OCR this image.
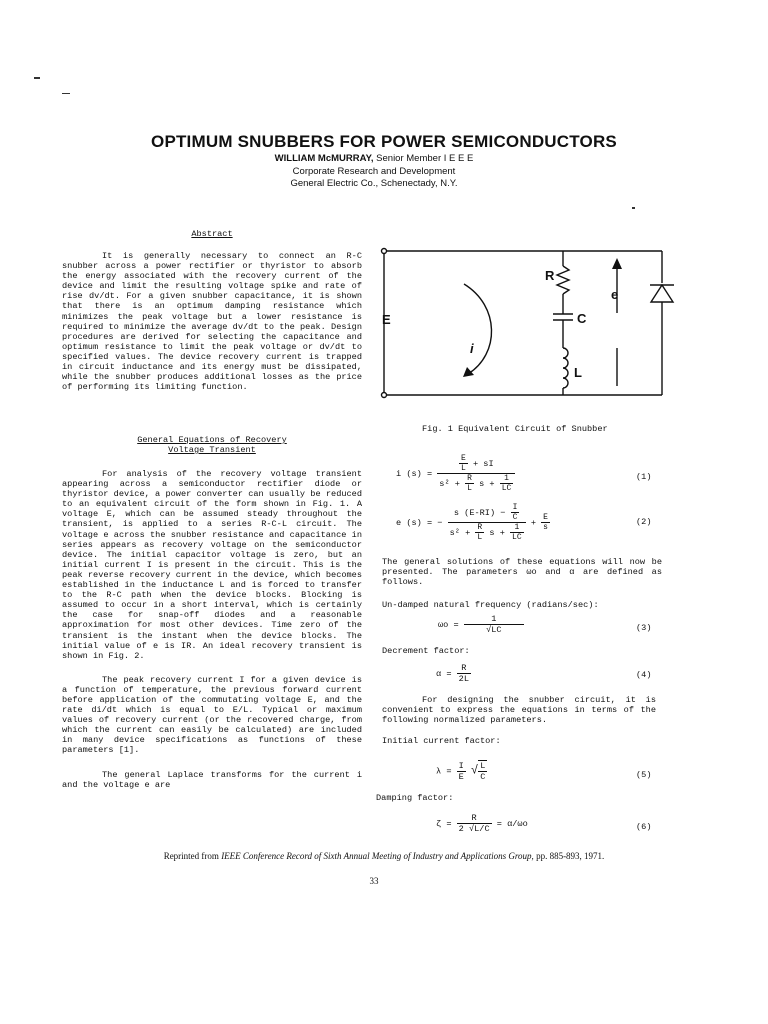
OPTIMUM SNUBBERS FOR POWER SEMICONDUCTORS
WILLIAM McMURRAY, Senior Member I E E E
Corporate Research and Development
General Electric Co., Schenectady, N.Y.
Abstract

It is generally necessary to connect an R-C snubber across a power rectifier or thyristor to absorb the energy associated with the recovery current of the device and limit the resulting voltage spike and rate of rise dv/dt. For a given snubber capacitance, it is shown that there is an optimum damping resistance which minimizes the peak voltage but a lower resistance is required to minimize the average dv/dt to the peak. Design procedures are derived for selecting the capacitance and optimum resistance to limit the peak voltage or dv/dt to specified values. The device recovery current is trapped in circuit inductance and its energy must be dissipated, while the snubber produces additional losses as the price of performing its limiting function.

General Equations of Recovery
Voltage Transient

For analysis of the recovery voltage transient appearing across a semiconductor rectifier diode or thyristor device, a power converter can usually be reduced to an equivalent circuit of the form shown in Fig. 1. A voltage E, which can be assumed steady throughout the transient, is applied to a series R-C-L circuit. The voltage e across the snubber resistance and capacitance in series appears as recovery voltage on the semiconductor device. The initial capacitor voltage is zero, but an initial current I is present in the circuit. This is the peak reverse recovery current in the device, which becomes established in the inductance L and is forced to transfer to the R-C path when the device blocks. Blocking is assumed to occur in a short interval, which is certainly the case for snap-off diodes and a reasonable approximation for most other devices. Time zero of the transient is the instant when the device blocks. The initial value of e is IR. An ideal recovery transient is shown in Fig. 2.

The peak recovery current I for a given device is a function of temperature, the previous forward current before application of the commutating voltage E, and the rate di/dt which is equal to E/L. Typical or maximum values of recovery current (or the recovered charge, from which the current can easily be calculated) are included in many device specifications as functions of these parameters [1].

The general Laplace transforms for the current i and the voltage e are

E
i
R
C
L
e
Fig. 1 Equivalent Circuit of Snubber
i $(s) = \frac{\frac{E}{L} + sI}{s^2 + \frac{R}{L} s + \frac{1}{LC}}$	(1)
e (s) = − $\frac{s (E-RI) - \frac{I}{C}}{s^2 + \frac{R}{L} s + \frac{1}{LC}} + \frac{E}{s}$	(2)

The general solutions of these equations will now be presented. The parameters ωo and α are defined as follows.

Un-damped natural frequency (radians/sec):
$\omega o = \frac{1}{√LC}$	(3)
Decrement factor:
$\alpha = \frac{R}{2L}$	(4)

For designing the snubber circuit, it is convenient to express the equations in terms of the following normalized parameters.

Initial current factor:
$\lambda = \frac{I}{E}$ √ $\frac{L}{C}$	(5)
Damping factor:
$\zeta = \frac{R}{2 √L/C} = \alpha/\omega o$	(6)
Reprinted from IEEE Conference Record of Sixth Annual Meeting of Industry and Applications Group, pp. 885-893, 1971.
33
